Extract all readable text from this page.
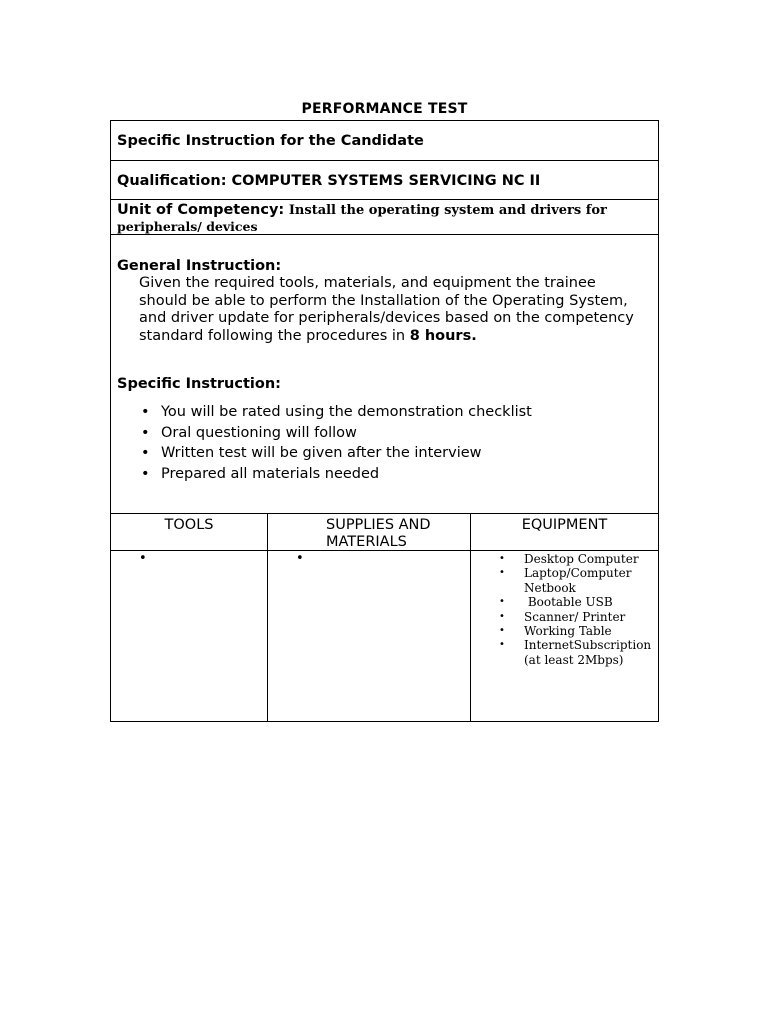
PERFORMANCE TEST
Specific Instruction for the Candidate
Qualification: COMPUTER SYSTEMS SERVICING NC II
Unit of Competency: Install the operating system and drivers for
peripherals/ devices
General Instruction:
Given the required tools, materials, and equipment the trainee should be able to perform the Installation of the Operating System, and driver update for peripherals/devices based on the competency standard following the procedures in 8 hours.
Specific Instruction:
• You will be rated using the demonstration checklist
• Oral questioning will follow
• Written test will be given after the interview
• Prepared all materials needed
TOOLS
•
SUPPLIES AND
MATERIALS
•
EQUIPMENT
• Desktop Computer
• Laptop/Computer Netbook
• Bootable USB
• Scanner/ Printer
• Working Table
• InternetSubscription (at least 2Mbps)
